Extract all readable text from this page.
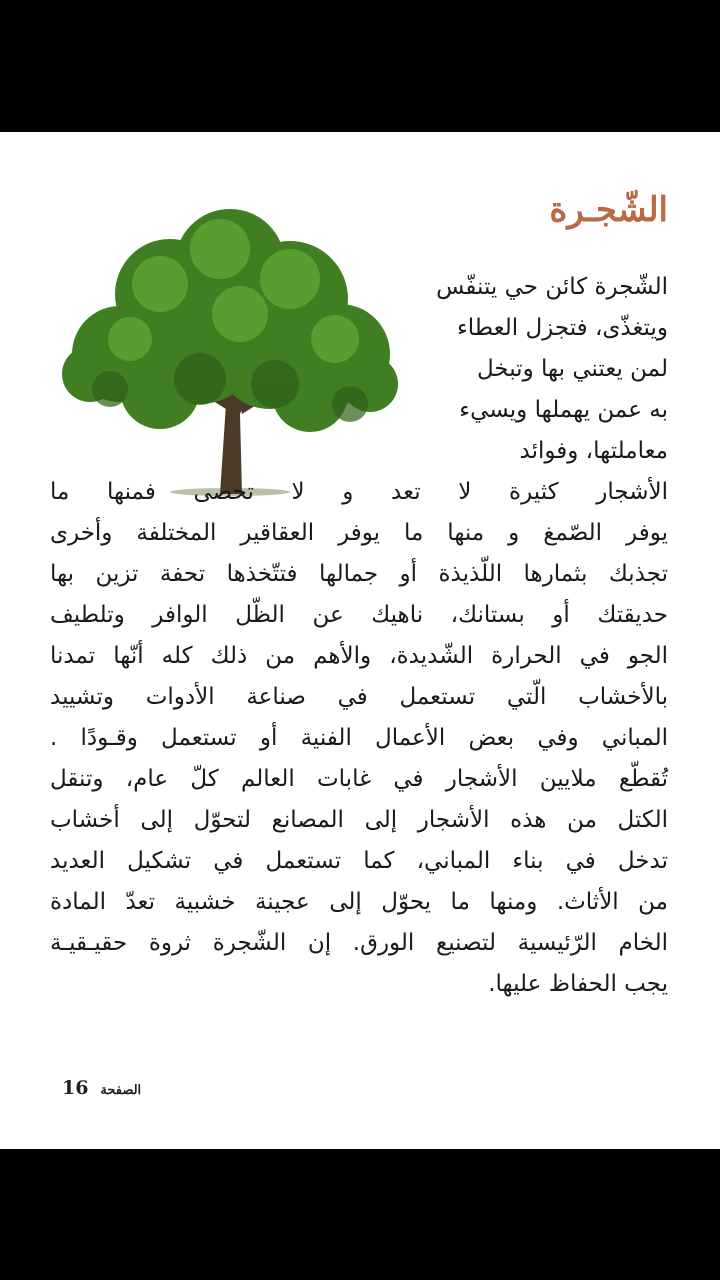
الشّجـرة
الشّجرة كائن حي يتنفّس
ويتغذّى، فتجزل العطاء
لمن يعتني بها وتبخل
به عمن يهملها ويسيء
معاملتها، وفوائد
الأشجار كثيرة لا تعد و لا تحصى فمنها ما
يوفر الصّمغ و منها ما يوفر العقاقير المختلفة وأخرى
تجذبك بثمارها اللّذيذة أو جمالها فتتّخذها تحفة تزين بها
حديقتك أو بستانك، ناهيك عن الظّل الوافر وتلطيف
الجو في الحرارة الشّديدة، والأهم من ذلك كله أنّها تمدنا
بالأخشاب الّتي تستعمل في صناعة الأدوات وتشييد
المباني وفي بعض الأعمال الفنية أو تستعمل وقـودًا .
تُقطّع ملايين الأشجار في غابات العالم كلّ عام، وتنقل
الكتل من هذه الأشجار إلى المصانع لتحوّل إلى أخشاب
تدخل في بناء المباني، كما تستعمل في تشكيل العديد
من الأثاث. ومنها ما يحوّل إلى عجينة خشبية تعدّ المادة
الخام الرّئيسية لتصنيع الورق. إن الشّجرة ثروة حقيـقيـة
يجب الحفاظ عليها.
الصفحة 16
